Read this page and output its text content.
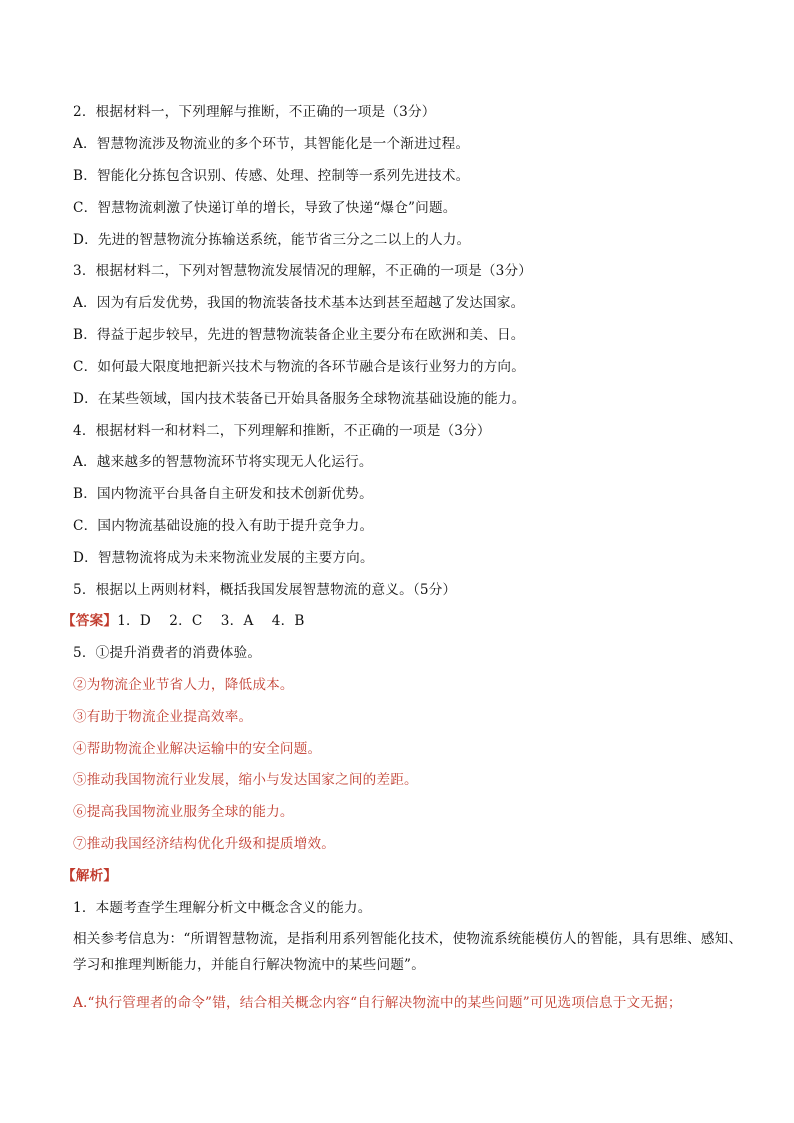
2．根据材料一，下列理解与推断，不正确的一项是（3分）
A．智慧物流涉及物流业的多个环节，其智能化是一个渐进过程。
B．智能化分拣包含识别、传感、处理、控制等一系列先进技术。
C．智慧物流刺激了快递订单的增长，导致了快递“爆仓”问题。
D．先进的智慧物流分拣输送系统，能节省三分之二以上的人力。
3．根据材料二，下列对智慧物流发展情况的理解，不正确的一项是（3分）
A．因为有后发优势，我国的物流装备技术基本达到甚至超越了发达国家。
B．得益于起步较早，先进的智慧物流装备企业主要分布在欧洲和美、日。
C．如何最大限度地把新兴技术与物流的各环节融合是该行业努力的方向。
D．在某些领域，国内技术装备已开始具备服务全球物流基础设施的能力。
4．根据材料一和材料二，下列理解和推断，不正确的一项是（3分）
A．越来越多的智慧物流环节将实现无人化运行。
B．国内物流平台具备自主研发和技术创新优势。
C．国内物流基础设施的投入有助于提升竞争力。
D．智慧物流将成为未来物流业发展的主要方向。
5．根据以上两则材料，概括我国发展智慧物流的意义。（5分）
【答案】1．D　 2．C　 3．A　 4．B
5．①提升消费者的消费体验。
②为物流企业节省人力，降低成本。
③有助于物流企业提高效率。
④帮助物流企业解决运输中的安全问题。
⑤推动我国物流行业发展，缩小与发达国家之间的差距。
⑥提高我国物流业服务全球的能力。
⑦推动我国经济结构优化升级和提质增效。
【解析】
1．本题考查学生理解分析文中概念含义的能力。
相关参考信息为：“所谓智慧物流，是指利用系列智能化技术，使物流系统能模仿人的智能，具有思维、感知、学习和推理判断能力，并能自行解决物流中的某些问题”。
A.“执行管理者的命令”错，结合相关概念内容“自行解决物流中的某些问题”可见选项信息于文无据；
